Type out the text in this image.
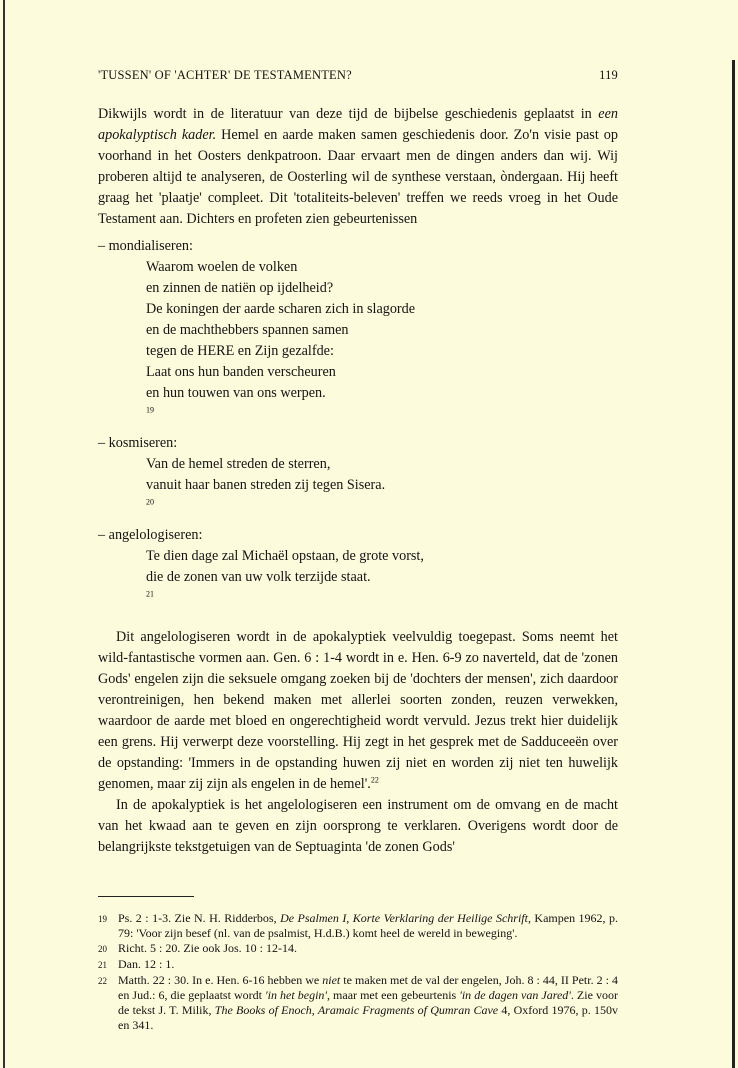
'TUSSEN' OF 'ACHTER' DE TESTAMENTEN?	119

Dikwijls wordt in de literatuur van deze tijd de bijbelse geschiedenis geplaatst in een apokalyptisch kader. Hemel en aarde maken samen geschiedenis door. Zo'n visie past op voorhand in het Oosters denkpatroon. Daar ervaart men de dingen anders dan wij. Wij proberen altijd te analyseren, de Oosterling wil de synthese verstaan, òndergaan. Hij heeft graag het 'plaatje' compleet. Dit 'totaliteits-beleven' treffen we reeds vroeg in het Oude Testament aan. Dichters en profeten zien gebeurtenissen

– mondialiseren:
Waarom woelen de volken
en zinnen de natiën op ijdelheid?
De koningen der aarde scharen zich in slagorde
en de machthebbers spannen samen
tegen de HERE en Zijn gezalfde:
Laat ons hun banden verscheuren
en hun touwen van ons werpen.
$^{19}$
– kosmiseren:
Van de hemel streden de sterren,
vanuit haar banen streden zij tegen Sisera.
$^{20}$
– angelologiseren:
Te dien dage zal Michaël opstaan, de grote vorst,
die de zonen van uw volk terzijde staat.
$^{21}$

Dit angelologiseren wordt in de apokalyptiek veelvuldig toegepast. Soms neemt het wild-fantastische vormen aan. Gen. 6 : 1-4 wordt in e. Hen. 6-9 zo naverteld, dat de 'zonen Gods' engelen zijn die seksuele omgang zoeken bij de 'dochters der mensen', zich daardoor verontreinigen, hen bekend maken met allerlei soorten zonden, reuzen verwekken, waardoor de aarde met bloed en ongerechtigheid wordt vervuld. Jezus trekt hier duidelijk een grens. Hij verwerpt deze voorstelling. Hij zegt in het gesprek met de Sadduceeën over de opstanding: 'Immers in de opstanding huwen zij niet en worden zij niet ten huwelijk genomen, maar zij zijn als engelen in de hemel'.$^{22}$

In de apokalyptiek is het angelologiseren een instrument om de omvang en de macht van het kwaad aan te geven en zijn oorsprong te verklaren. Overigens wordt door de belangrijkste tekstgetuigen van de Septuaginta 'de zonen Gods'

19 Ps. 2 : 1-3. Zie N. H. Ridderbos, De Psalmen I, Korte Verklaring der Heilige Schrift, Kampen 1962, p. 79: 'Voor zijn besef (nl. van de psalmist, H.d.B.) komt heel de wereld in beweging'.
20 Richt. 5 : 20. Zie ook Jos. 10 : 12-14.
21 Dan. 12 : 1.
22 Matth. 22 : 30. In e. Hen. 6-16 hebben we niet te maken met de val der engelen, Joh. 8 : 44, II Petr. 2 : 4 en Jud.: 6, die geplaatst wordt 'in het begin', maar met een gebeurtenis 'in de dagen van Jared'. Zie voor de tekst J. T. Milik, The Books of Enoch, Aramaic Fragments of Qumran Cave 4, Oxford 1976, p. 150v en 341.
